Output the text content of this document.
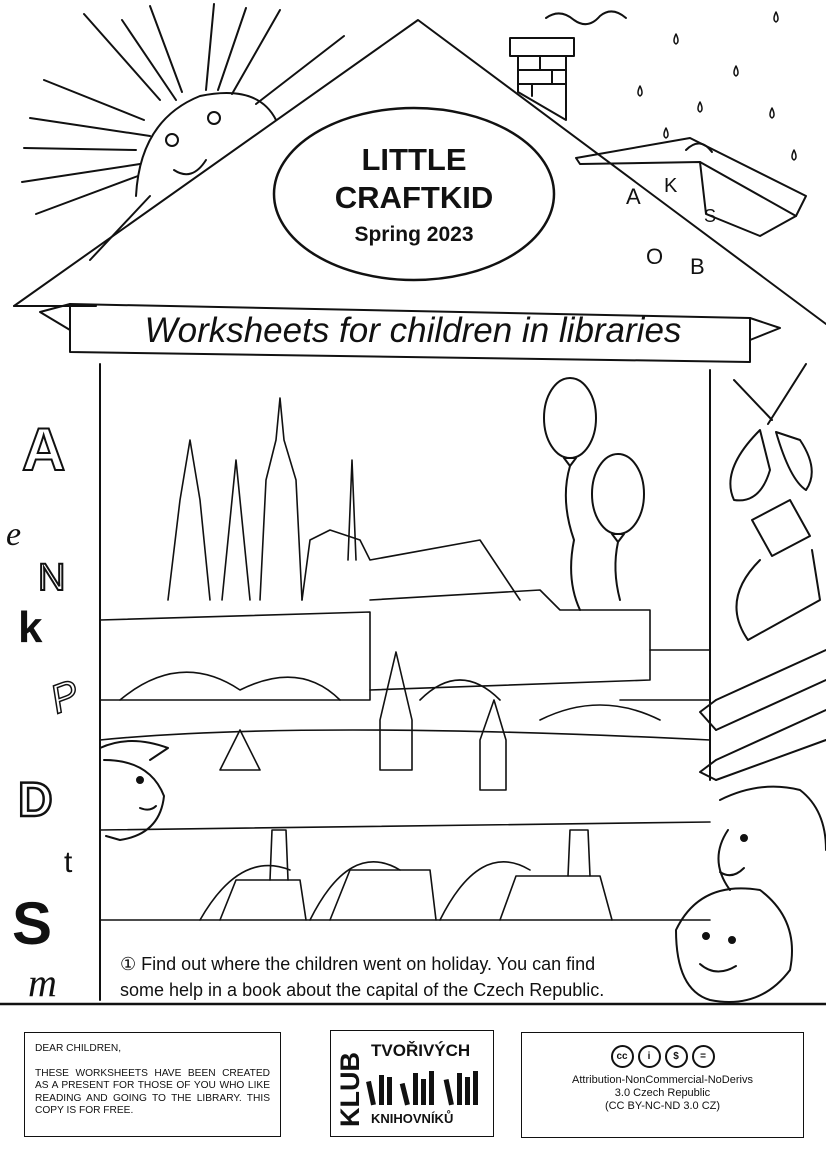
A
e
N
k
P
D
t
S
m
A K
S
O B
LITTLE
CRAFTKID
Spring 2023
Worksheets for children in libraries
① Find out where the children went on holiday. You can find some help in a book about the capital of the Czech Republic.
DEAR CHILDREN,
THESE WORKSHEETS HAVE BEEN CREATED AS A PRESENT FOR THOSE OF YOU WHO LIKE READING AND GOING TO THE LIBRARY. THIS COPY IS FOR FREE.	KLUB
TVOŘIVÝCH
KNIHOVNÍKŮ
cc	i	$	=
Attribution-NonCommercial-NoDerivs
3.0 Czech Republic
(CC BY-NC-ND 3.0 CZ)
